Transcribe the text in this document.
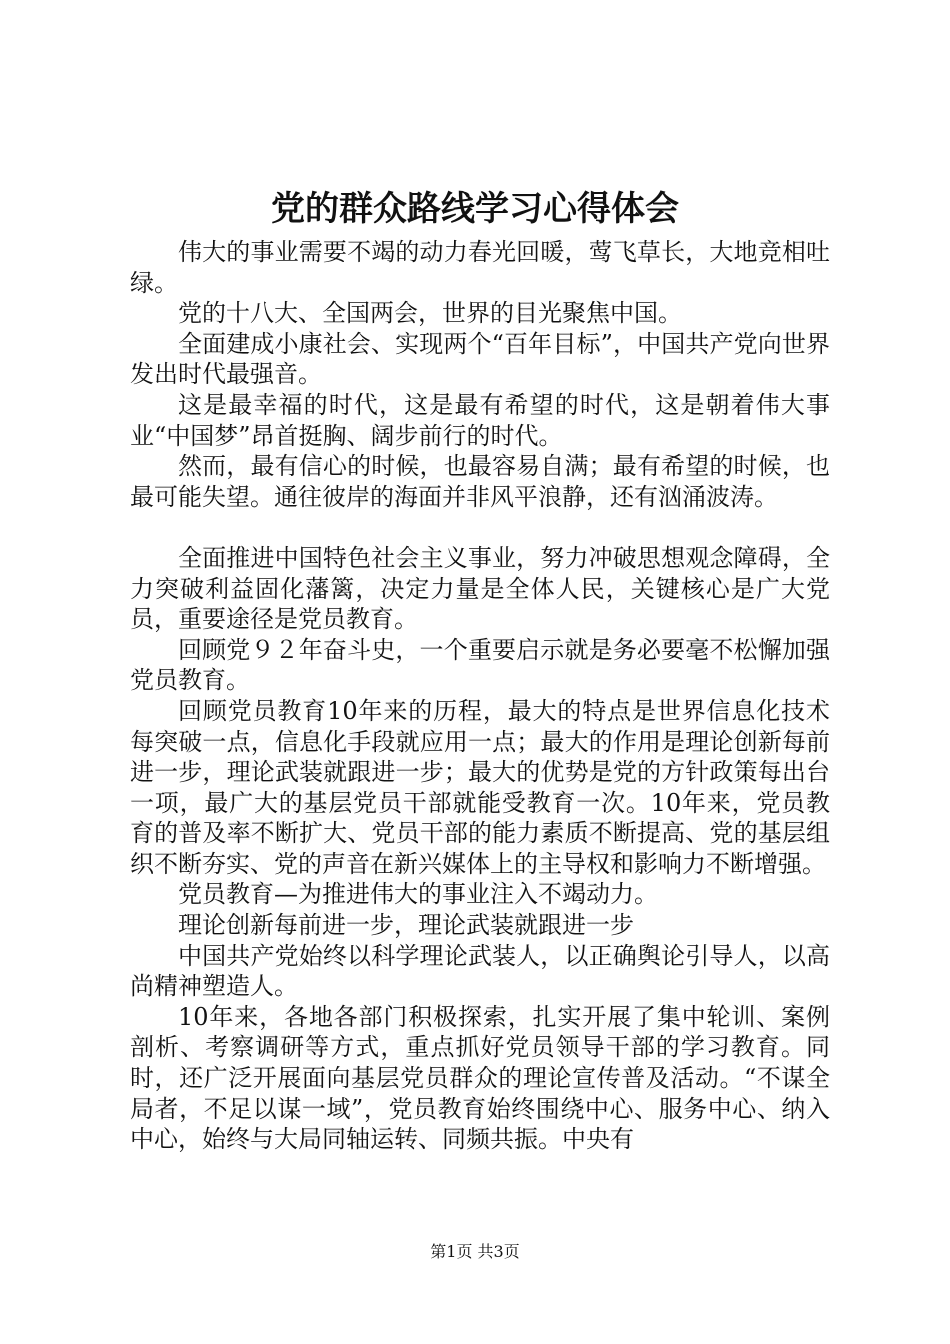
党的群众路线学习心得体会

伟大的事业需要不竭的动力春光回暖，莺飞草长，大地竞相吐绿。

党的十八大、全国两会，世界的目光聚焦中国。

全面建成小康社会、实现两个“百年目标”，中国共产党向世界发出时代最强音。

这是最幸福的时代，这是最有希望的时代，这是朝着伟大事业“中国梦”昂首挺胸、阔步前行的时代。

然而，最有信心的时候，也最容易自满；最有希望的时候，也最可能失望。通往彼岸的海面并非风平浪静，还有汹涌波涛。

全面推进中国特色社会主义事业，努力冲破思想观念障碍，全力突破利益固化藩篱，决定力量是全体人民，关键核心是广大党员，重要途径是党员教育。

回顾党９２年奋斗史，一个重要启示就是务必要毫不松懈加强党员教育。

回顾党员教育10年来的历程，最大的特点是世界信息化技术每突破一点，信息化手段就应用一点；最大的作用是理论创新每前进一步，理论武装就跟进一步；最大的优势是党的方针政策每出台一项，最广大的基层党员干部就能受教育一次。10年来，党员教育的普及率不断扩大、党员干部的能力素质不断提高、党的基层组织不断夯实、党的声音在新兴媒体上的主导权和影响力不断增强。

党员教育—为推进伟大的事业注入不竭动力。

理论创新每前进一步，理论武装就跟进一步

中国共产党始终以科学理论武装人，以正确舆论引导人，以高尚精神塑造人。

10年来，各地各部门积极探索，扎实开展了集中轮训、案例剖析、考察调研等方式，重点抓好党员领导干部的学习教育。同时，还广泛开展面向基层党员群众的理论宣传普及活动。“不谋全局者，不足以谋一域”，党员教育始终围绕中心、服务中心、纳入中心，始终与大局同轴运转、同频共振。中央有

第1页 共3页
